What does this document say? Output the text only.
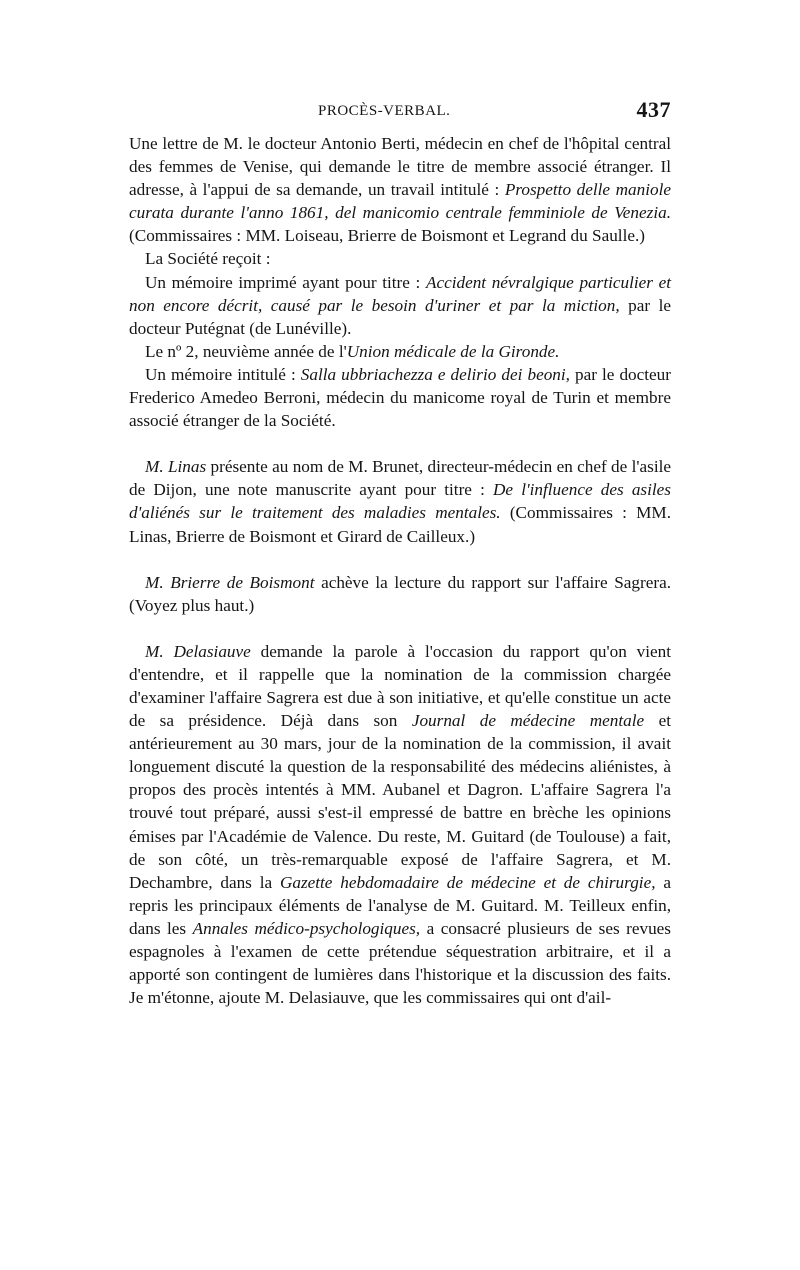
PROCÈS-VERBAL.	437

Une lettre de M. le docteur Antonio Berti, médecin en chef de l'hôpital central des femmes de Venise, qui demande le titre de membre associé étranger. Il adresse, à l'appui de sa demande, un travail intitulé : Prospetto delle maniole curata durante l'anno 1861, del manicomio centrale femminiole de Venezia. (Commissaires : MM. Loiseau, Brierre de Boismont et Legrand du Saulle.)

La Société reçoit :

Un mémoire imprimé ayant pour titre : Accident névralgique particulier et non encore décrit, causé par le besoin d'uriner et par la miction, par le docteur Putégnat (de Lunéville).

Le nº 2, neuvième année de l'Union médicale de la Gironde.

Un mémoire intitulé : Salla ubbriachezza e delirio dei beoni, par le docteur Frederico Amedeo Berroni, médecin du manicome royal de Turin et membre associé étranger de la Société.

M. Linas présente au nom de M. Brunet, directeur-médecin en chef de l'asile de Dijon, une note manuscrite ayant pour titre : De l'influence des asiles d'aliénés sur le traitement des maladies mentales. (Commissaires : MM. Linas, Brierre de Boismont et Girard de Cailleux.)

M. Brierre de Boismont achève la lecture du rapport sur l'affaire Sagrera. (Voyez plus haut.)

M. Delasiauve demande la parole à l'occasion du rapport qu'on vient d'entendre, et il rappelle que la nomination de la commission chargée d'examiner l'affaire Sagrera est due à son initiative, et qu'elle constitue un acte de sa présidence. Déjà dans son Journal de médecine mentale et antérieurement au 30 mars, jour de la nomination de la commission, il avait longuement discuté la question de la responsabilité des médecins aliénistes, à propos des procès intentés à MM. Aubanel et Dagron. L'affaire Sagrera l'a trouvé tout préparé, aussi s'est-il empressé de battre en brèche les opinions émises par l'Académie de Valence. Du reste, M. Guitard (de Toulouse) a fait, de son côté, un très-remarquable exposé de l'affaire Sagrera, et M. Dechambre, dans la Gazette hebdomadaire de médecine et de chirurgie, a repris les principaux éléments de l'analyse de M. Guitard. M. Teilleux enfin, dans les Annales médico-psychologiques, a consacré plusieurs de ses revues espagnoles à l'examen de cette prétendue séquestration arbitraire, et il a apporté son contingent de lumières dans l'historique et la discussion des faits. Je m'étonne, ajoute M. Delasiauve, que les commissaires qui ont d'ail-
